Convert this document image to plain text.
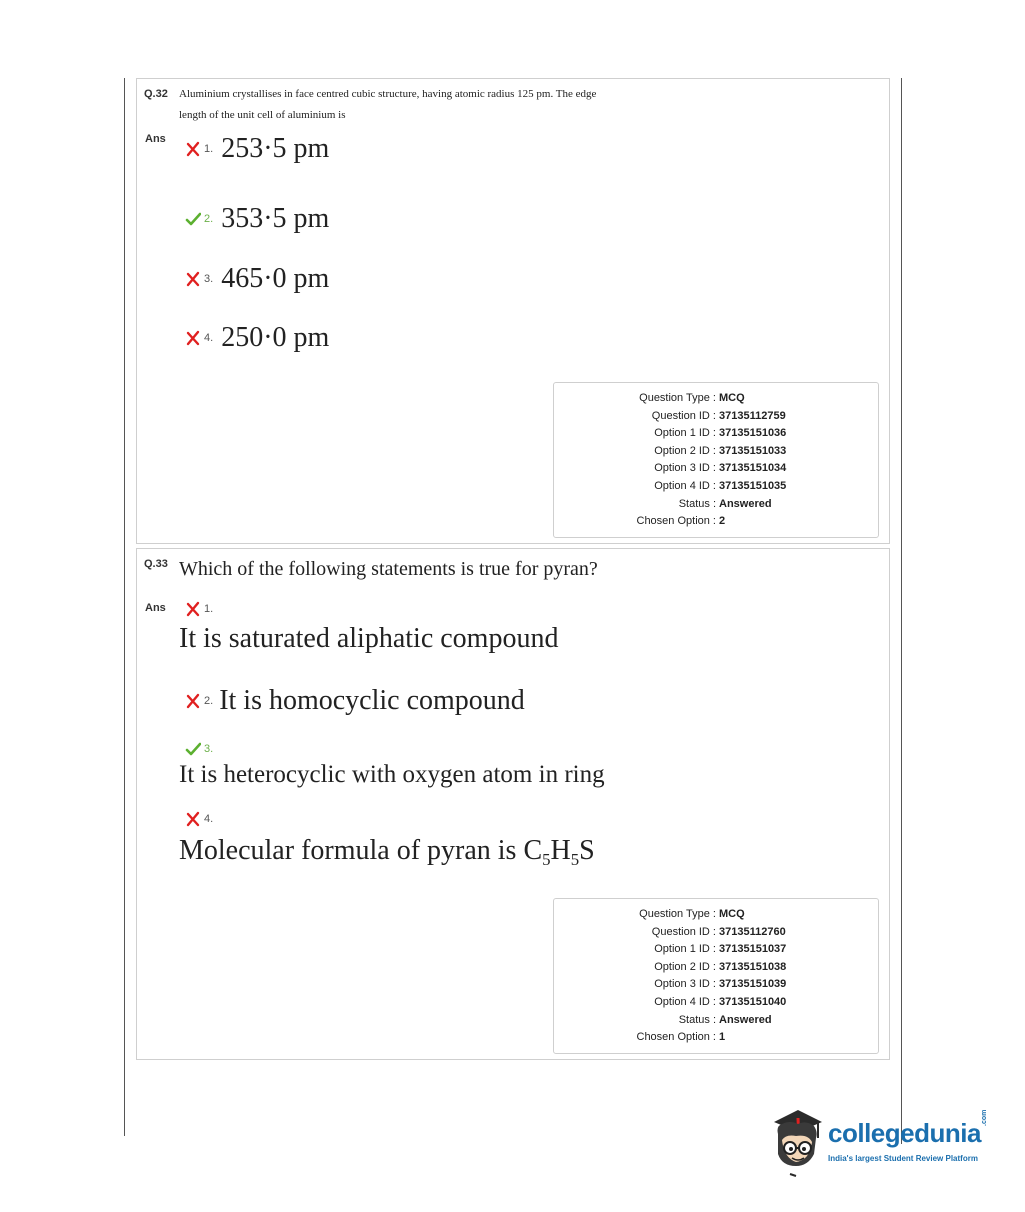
Q.32 Aluminium crystallises in face centred cubic structure, having atomic radius 125 pm. The edge
length of the unit cell of aluminium is
Ans
1. 253·5 pm
2. 353·5 pm
3. 465·0 pm
4. 250·0 pm
Question Type : MCQ
Question ID : 37135112759
Option 1 ID : 37135151036
Option 2 ID : 37135151033
Option 3 ID : 37135151034
Option 4 ID : 37135151035
Status : Answered
Chosen Option : 2
Q.33 Which of the following statements is true for pyran?
Ans	1.
It is saturated aliphatic compound
2. It is homocyclic compound
3.
It is heterocyclic with oxygen atom in ring
4.
Molecular formula of pyran is $C_5H_5S$
Question Type : MCQ
Question ID : 37135112760
Option 1 ID : 37135151037
Option 2 ID : 37135151038
Option 3 ID : 37135151039
Option 4 ID : 37135151040
Status : Answered
Chosen Option : 1
collegedunia
.com
India's largest Student Review Platform
